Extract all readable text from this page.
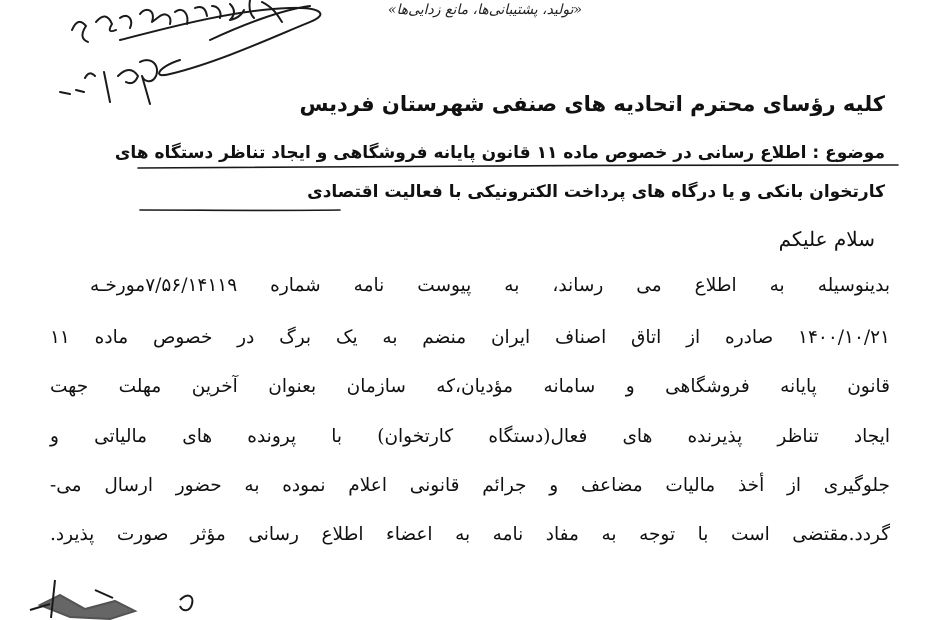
«تولید، پشتیبانی‌ها، مانع زدایی‌ها»
کلیه رؤسای محترم اتحادیه های صنفی شهرستان فردیس
موضوع : اطلاع رسانی در خصوص ماده ۱۱ قانون پایانه فروشگاهی و ایجاد تناظر دستگاه های
کارتخوان بانکی و یا درگاه های پرداخت الکترونیکی با فعالیت اقتصادی
سلام علیکم
بدینوسیله به اطلاع می رساند، به پیوست نامه شماره ۷/۵۶/۱۴۱۱۹مورخـه
۱۴۰۰/۱۰/۲۱ صادره از اتاق اصناف ایران منضم به یک برگ در خصوص ماده ۱۱
قانون پایانه فروشگاهی و سامانه مؤدیان،که سازمان بعنوان آخرین مهلت جهت
ایجاد تناظر پذیرنده های فعال(دستگاه کارتخوان) با پرونده های مالیاتی و
جلوگیری از أخذ مالیات مضاعف و جرائم قانونی اعلام نموده به حضور ارسال می-
گردد.مقتضی است با توجه به مفاد نامه به اعضاء اطلاع رسانی مؤثر صورت پذیرد.
